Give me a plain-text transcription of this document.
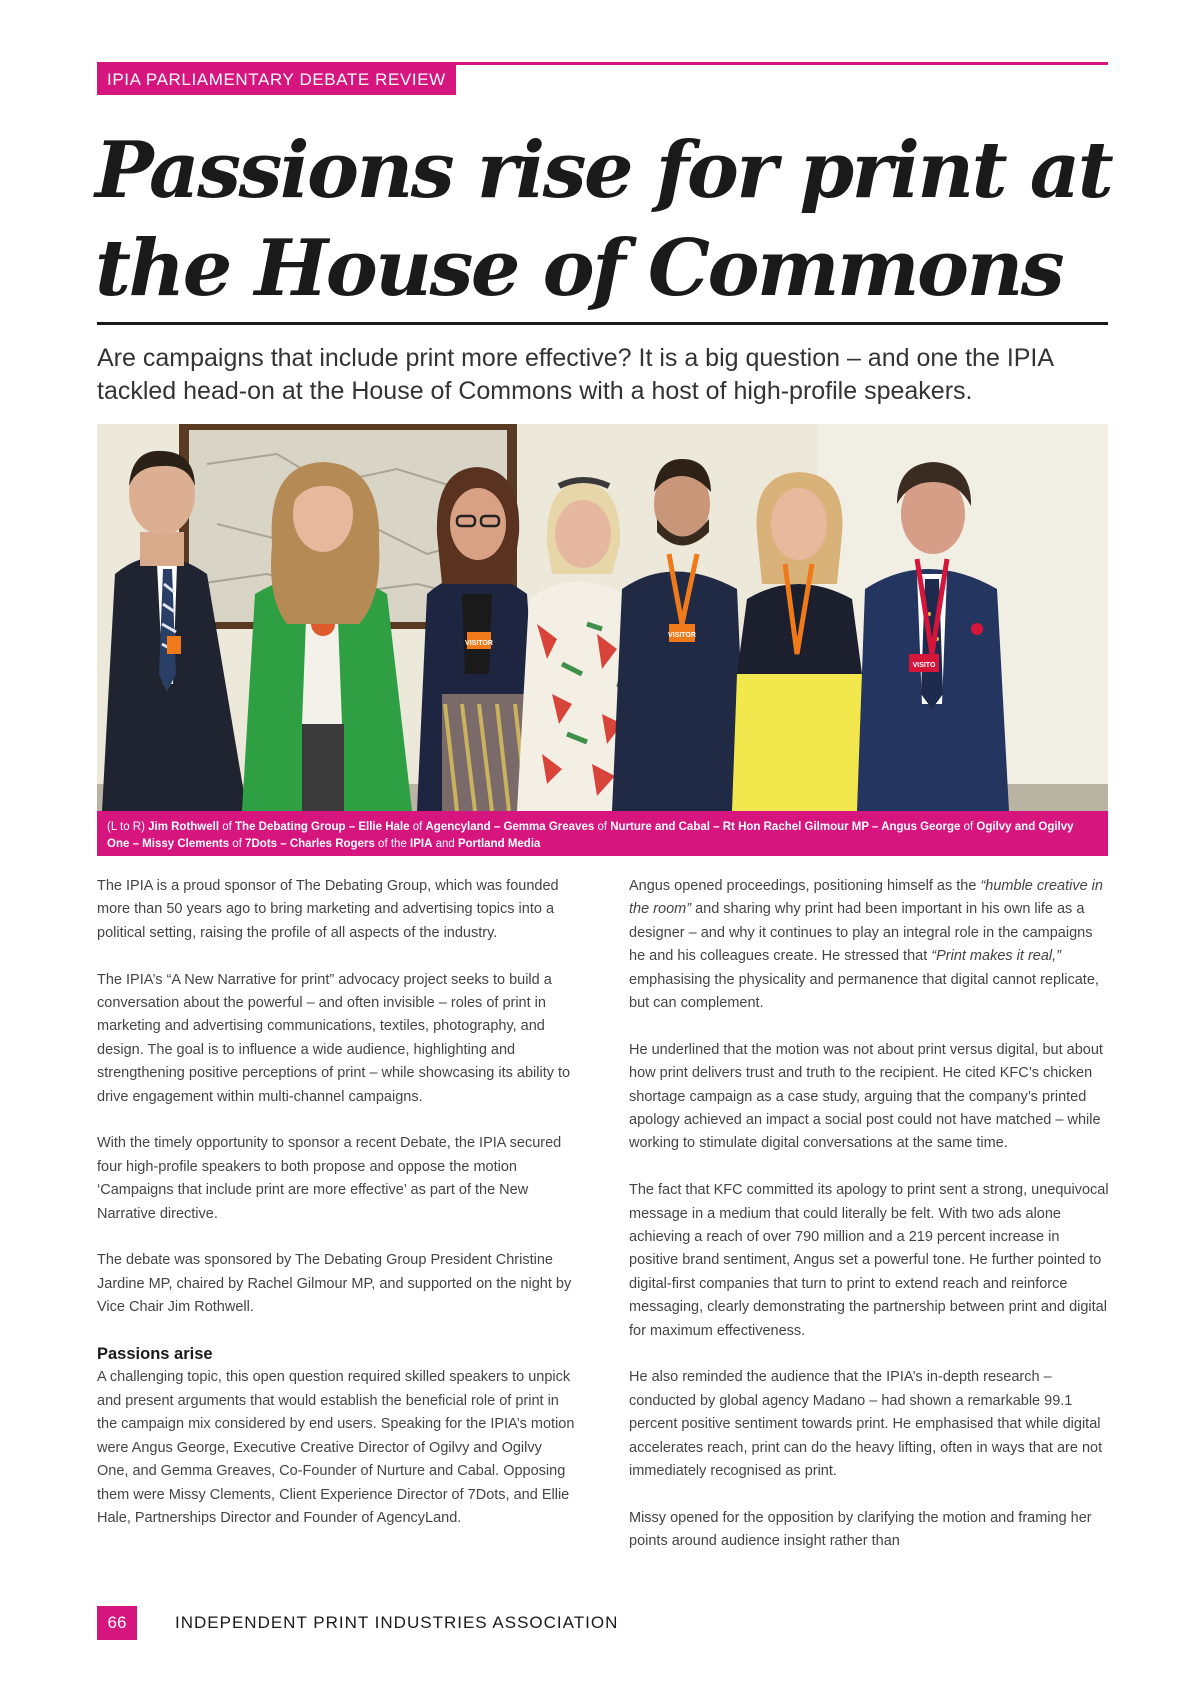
IPIA PARLIAMENTARY DEBATE REVIEW
Passions rise for print at
the House of Commons

Are campaigns that include print more effective? It is a big question – and one the IPIA tackled head-on at the House of Commons with a host of high-profile speakers.

VISITOR
VISITOR
VISITO
(L to R) Jim Rothwell of The Debating Group – Ellie Hale of Agencyland – Gemma Greaves of Nurture and Cabal – Rt Hon Rachel Gilmour MP – Angus George of Ogilvy and Ogilvy One – Missy Clements of 7Dots – Charles Rogers of the IPIA and Portland Media

The IPIA is a proud sponsor of The Debating Group, which was founded more than 50 years ago to bring marketing and advertising topics into a political setting, raising the profile of all aspects of the industry.

The IPIA’s “A New Narrative for print” advocacy project seeks to build a conversation about the powerful – and often invisible – roles of print in marketing and advertising communications, textiles, photography, and design. The goal is to influence a wide audience, highlighting and strengthening positive perceptions of print – while showcasing its ability to drive engagement within multi-channel campaigns.

With the timely opportunity to sponsor a recent Debate, the IPIA secured four high-profile speakers to both propose and oppose the motion ‘Campaigns that include print are more effective’ as part of the New Narrative directive.

The debate was sponsored by The Debating Group President Christine Jardine MP, chaired by Rachel Gilmour MP, and supported on the night by Vice Chair Jim Rothwell.

Passions arise

A challenging topic, this open question required skilled speakers to unpick and present arguments that would establish the beneficial role of print in the campaign mix considered by end users. Speaking for the IPIA’s motion were Angus George, Executive Creative Director of Ogilvy and Ogilvy One, and Gemma Greaves, Co-Founder of Nurture and Cabal. Opposing them were Missy Clements, Client Experience Director of 7Dots, and Ellie Hale, Partnerships Director and Founder of AgencyLand.

Angus opened proceedings, positioning himself as the “humble creative in the room” and sharing why print had been important in his own life as a designer – and why it continues to play an integral role in the campaigns he and his colleagues create. He stressed that “Print makes it real,” emphasising the physicality and permanence that digital cannot replicate, but can complement.

He underlined that the motion was not about print versus digital, but about how print delivers trust and truth to the recipient. He cited KFC’s chicken shortage campaign as a case study, arguing that the company’s printed apology achieved an impact a social post could not have matched – while working to stimulate digital conversations at the same time.

The fact that KFC committed its apology to print sent a strong, unequivocal message in a medium that could literally be felt. With two ads alone achieving a reach of over 790 million and a 219 percent increase in positive brand sentiment, Angus set a powerful tone. He further pointed to digital-first companies that turn to print to extend reach and reinforce messaging, clearly demonstrating the partnership between print and digital for maximum effectiveness.

He also reminded the audience that the IPIA’s in-depth research – conducted by global agency Madano – had shown a remarkable 99.1 percent positive sentiment towards print. He emphasised that while digital accelerates reach, print can do the heavy lifting, often in ways that are not immediately recognised as print.

Missy opened for the opposition by clarifying the motion and framing her points around audience insight rather than

66	INDEPENDENT PRINT INDUSTRIES ASSOCIATION
